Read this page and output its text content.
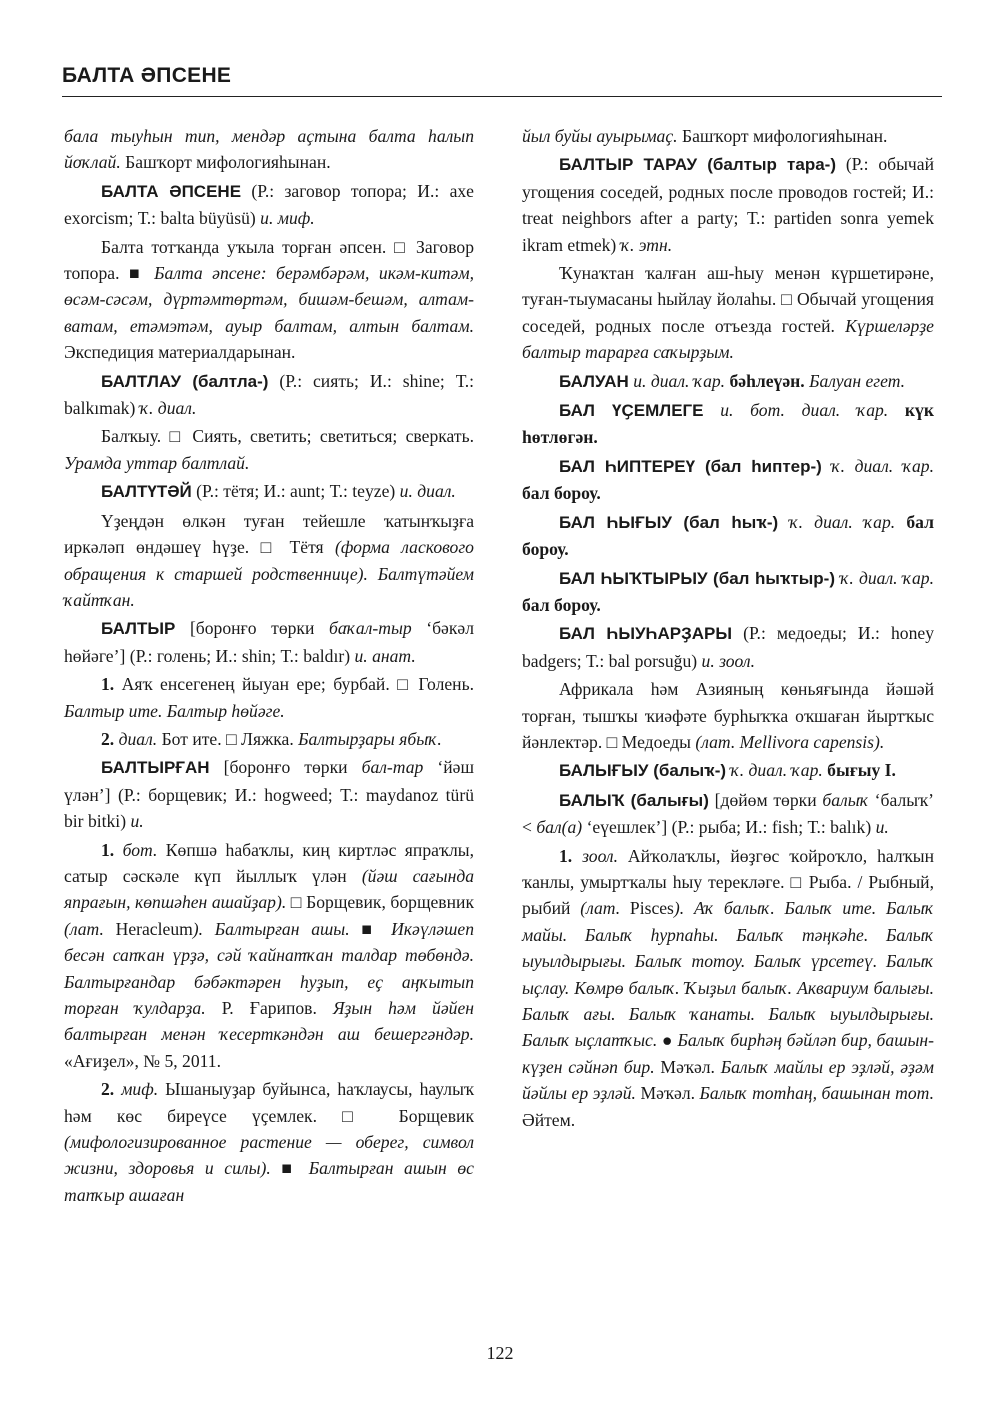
БАЛТА ӘПСЕНЕ

бала тыуһын тип, мендәр аҫтына балта һалып йоҡлай. Башҡорт мифологияһынан.

БАЛТА ӘПСЕНЕ (Р.: заговор топора; И.: axe exorcism; Т.: balta büyüsü) и. миф.

Балта тотҡанда уҡыла торған әпсен. □ Заговор топора. ■ Балта әпсене: берәмбәрәм, икәм-китәм, өсәм-сәсәм, дүртәмтөртәм, бишәм-бешәм, алтам-ватам, етәмэтәм, ауыр балтам, алтын балтам. Экспедиция материалдарынан.

БАЛТЛАУ (балтла-) (Р.: сиять; И.: shine; Т.: balkımak) ҡ. диал.

Балҡыу. □ Сиять, светить; светиться; сверкать. Урамда уттар балтлай.

БАЛТҮТӘЙ (Р.: тётя; И.: aunt; Т.: teyze) и. диал.

Үҙеңдән өлкән туған тейешле ҡатынҡыҙға иркәләп өндәшеү һүҙе. □ Тётя (форма ласкового обращения к старшей родственнице). Балтүтәйем ҡайтҡан.

БАЛТЫР [боронғо төрки баҡал-тыр ‘бәкәл һөйәге’] (Р.: голень; И.: shin; Т.: baldır) и. анат.

1. Аяҡ енсегенең йыуан ере; бурбай. □ Голень. Балтыр ите. Балтыр һөйәге.

2. диал. Бот ите. □ Ляжка. Балтырҙары ябыҡ.

БАЛТЫРҒАН [боронғо төрки бал-тар ‘йәш үлән’] (Р.: борщевик; И.: hogweed; Т.: maydanoz türü bir bitki) и.

1. бот. Көпшә һабаҡлы, киң киртләс япраҡлы, сатыр сәскәле күп йыллыҡ үлән (йәш сағында япрағын, көпшәһен ашайҙар). □ Борщевик, борщевник (лат. Heracleum). Балтырған ашы. ■ Икәүләшеп бесән сапҡан үрҙә, сәй ҡайнатҡан талдар төбөндә. Балтырғандар бәбәктәрен һуҙып, еҫ аңҡытып торған ҡулдарҙа. Р. Ғарипов. Яҙын һәм йәйен балтырған менән ҡесерткәндән аш бешергәндәр. «Ағиҙел», № 5, 2011.

2. миф. Ышаныуҙар буйынса, һаҡлаусы, һаулыҡ һәм көс биреүсе үҫемлек. □ Борщевик (мифологизированное растение — оберег, символ жизни, здоровья и силы). ■ Балтырған ашын өс тапҡыр ашаған

йыл буйы ауырымаҫ. Башҡорт мифологияһынан.

БАЛТЫР ТАРАУ (балтыр тара-) (Р.: обычай угощения соседей, родных после проводов гостей; И.: treat neighbors after a party; Т.: partiden sonra yemek ikram etmek) ҡ. этн.

Ҡунаҡтан ҡалған аш-һыу менән күршетирәне, туған-тыумасаны һыйлау йолаһы. □ Обычай угощения соседей, родных после отъезда гостей. Күршеләрҙе балтыр тарарға саҡырҙым.

БАЛУАН и. диал. ҡар. бәһлеүән. Балуан егет.

БАЛ ҮҪЕМЛЕГЕ и. бот. диал. ҡар. күк һөтлөгән.

БАЛ ҺИПТЕРЕҮ (бал һиптер-) ҡ. диал. ҡар. бал бороу.

БАЛ ҺЫҒЫУ (бал һыҡ-) ҡ. диал. ҡар. бал бороу.

БАЛ ҺЫҠТЫРЫУ (бал һыҡтыр-) ҡ. диал. ҡар. бал бороу.

БАЛ ҺЫУҺАРҘАРЫ (Р.: медоеды; И.: honey badgers; Т.: bal porsuğu) и. зоол.

Африкала һәм Азияның көньяғында йәшәй торған, тышҡы ҡиәфәте бурһыҡҡа оҡшаған йыртҡыс йәнлектәр. □ Медоеды (лат. Mellivora capensis).

БАЛЫҒЫУ (балыҡ-) ҡ. диал. ҡар. бығыу I.

БАЛЫҠ (балығы) [дөйөм төрки балыҡ ‘балыҡ’ < бал(а) ‘еүешлек’] (Р.: рыба; И.: fish; Т.: balık) и.

1. зоол. Айҡолаҡлы, йөҙгөс ҡойроҡло, һалҡын ҡанлы, умыртҡалы һыу терекләге. □ Рыба. / Рыбный, рыбий (лат. Pisces). Аҡ балыҡ. Балыҡ ите. Балыҡ майы. Балыҡ һурпаһы. Балыҡ тәңкәһе. Балыҡ ыуылдырығы. Балыҡ тотоу. Балыҡ үрсетеү. Балыҡ ыҫлау. Көмрө балыҡ. Ҡыҙыл балыҡ. Аквариум балығы. Балыҡ ағы. Балыҡ ҡанаты. Балыҡ ыуылдырығы. Балыҡ ыҫлатҡыс. ● Балыҡ бирһәң бәйләп бир, башын-күҙен сәйнәп бир. Мәҡәл. Балыҡ майлы ер эҙләй, әҙәм йәйлы ер эҙләй. Мәҡәл. Балыҡ тотһаң, башынан тот. Әйтем.

122
